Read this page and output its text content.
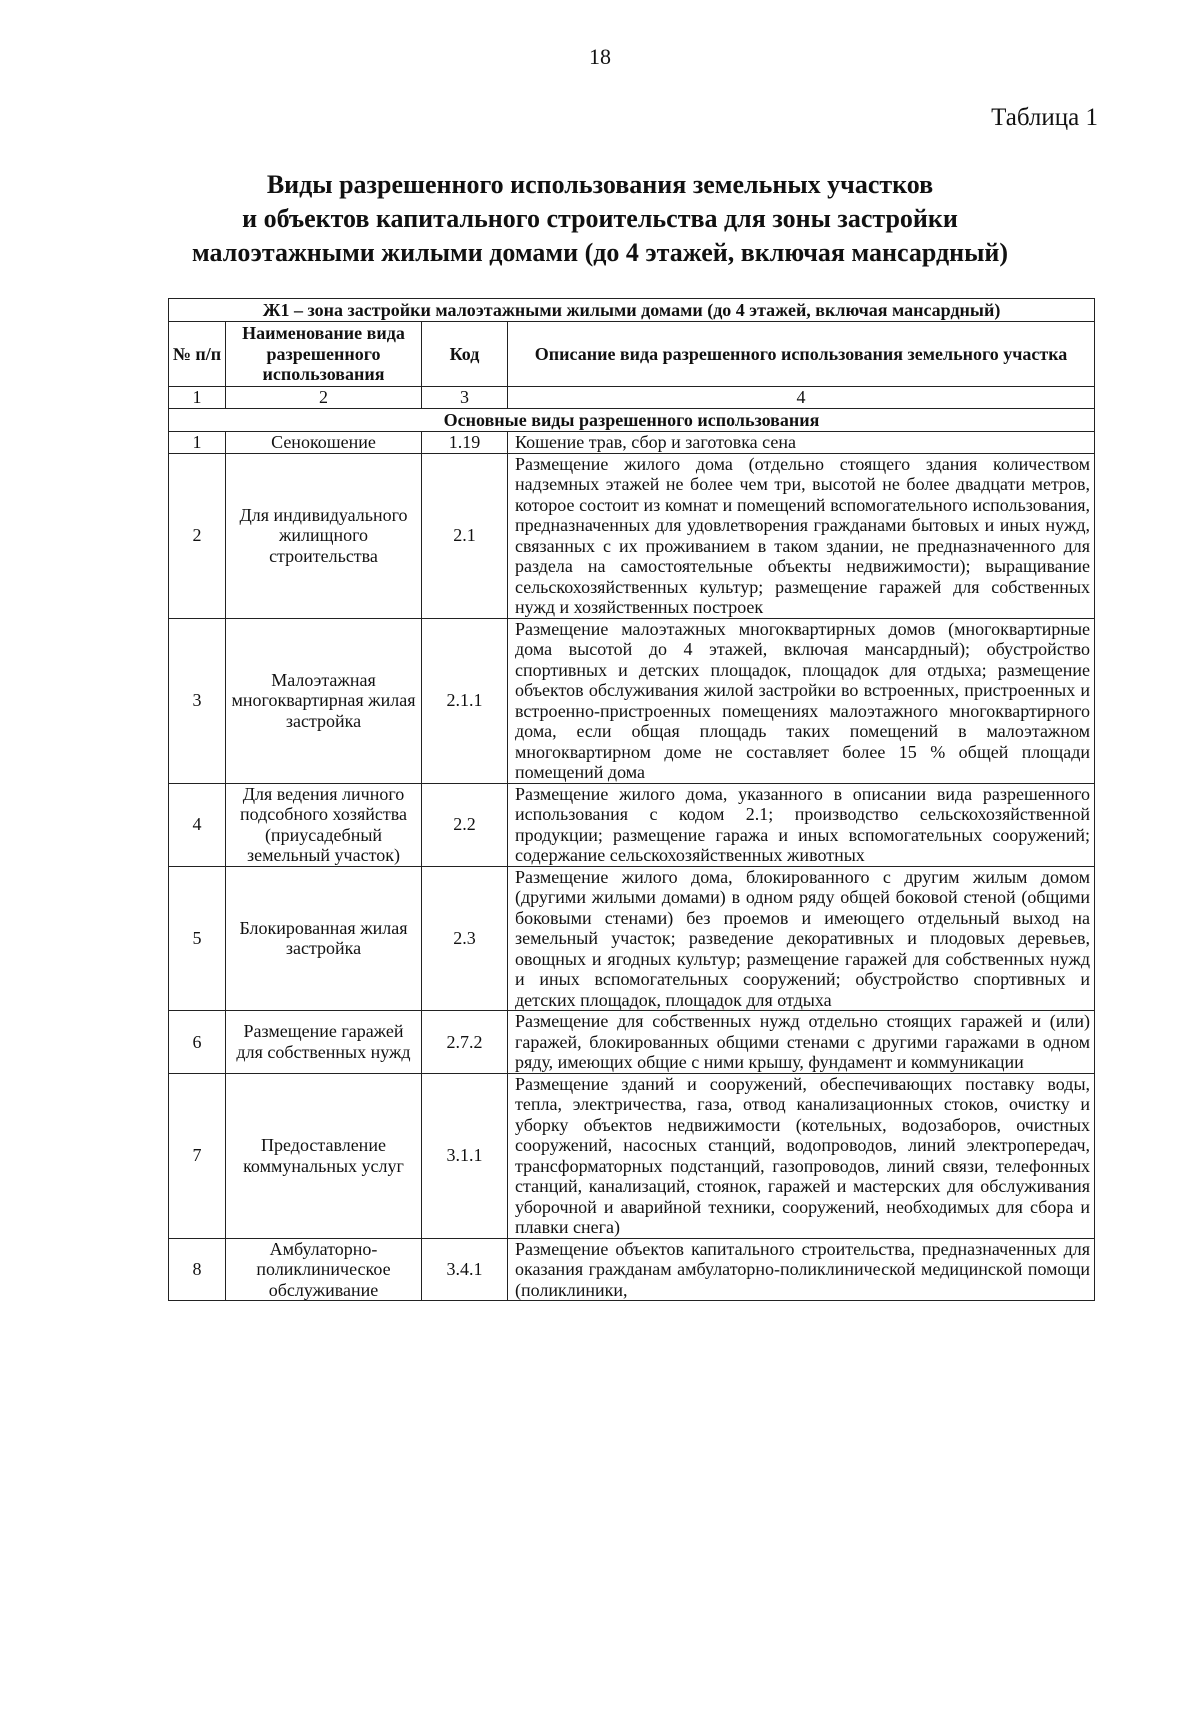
18
Таблица 1
Виды разрешенного использования земельных участков
и объектов капитального строительства для зоны застройки
малоэтажными жилыми домами (до 4 этажей, включая мансардный)
Ж1 – зона застройки малоэтажными жилыми домами (до 4 этажей, включая мансардный)			
№ п/п	Наименование вида разрешенного использования	Код	Описание вида разрешенного использования земельного участка
1	2	3	4
Основные виды разрешенного использования			
1	Сенокошение	1.19	Кошение трав, сбор и заготовка сена
2	Для индивидуального жилищного строительства	2.1	Размещение жилого дома (отдельно стоящего здания количеством надземных этажей не более чем три, высотой не более двадцати метров, которое состоит из комнат и помещений вспомогательного использования, предназначенных для удовлетворения гражданами бытовых и иных нужд, связанных с их проживанием в таком здании, не предназначенного для раздела на самостоятельные объекты недвижимости); выращивание сельскохозяйственных культур; размещение гаражей для собственных нужд и хозяйственных построек
3	Малоэтажная многоквартирная жилая застройка	2.1.1	Размещение малоэтажных многоквартирных домов (многоквартирные дома высотой до 4 этажей, включая мансардный); обустройство спортивных и детских площадок, площадок для отдыха; размещение объектов обслуживания жилой застройки во встроенных, пристроенных и встроенно-пристроенных помещениях малоэтажного многоквартирного дома, если общая площадь таких помещений в малоэтажном многоквартирном доме не составляет более 15 % общей площади помещений дома
4	Для ведения личного подсобного хозяйства (приусадебный земельный участок)	2.2	Размещение жилого дома, указанного в описании вида разрешенного использования с кодом 2.1; производство сельскохозяйственной продукции; размещение гаража и иных вспомогательных сооружений; содержание сельскохозяйственных животных
5	Блокированная жилая застройка	2.3	Размещение жилого дома, блокированного с другим жилым домом (другими жилыми домами) в одном ряду общей боковой стеной (общими боковыми стенами) без проемов и имеющего отдельный выход на земельный участок; разведение декоративных и плодовых деревьев, овощных и ягодных культур; размещение гаражей для собственных нужд и иных вспомогательных сооружений; обустройство спортивных и детских площадок, площадок для отдыха
6	Размещение гаражей для собственных нужд	2.7.2	Размещение для собственных нужд отдельно стоящих гаражей и (или) гаражей, блокированных общими стенами с другими гаражами в одном ряду, имеющих общие с ними крышу, фундамент и коммуникации
7	Предоставление коммунальных услуг	3.1.1	Размещение зданий и сооружений, обеспечивающих поставку воды, тепла, электричества, газа, отвод канализационных стоков, очистку и уборку объектов недвижимости (котельных, водозаборов, очистных сооружений, насосных станций, водопроводов, линий электропередач, трансформаторных подстанций, газопроводов, линий связи, телефонных станций, канализаций, стоянок, гаражей и мастерских для обслуживания уборочной и аварийной техники, сооружений, необходимых для сбора и плавки снега)
8	Амбулаторно-поликлиническое обслуживание	3.4.1	Размещение объектов капитального строительства, предназначенных для оказания гражданам амбулаторно-поликлинической медицинской помощи (поликлиники,
